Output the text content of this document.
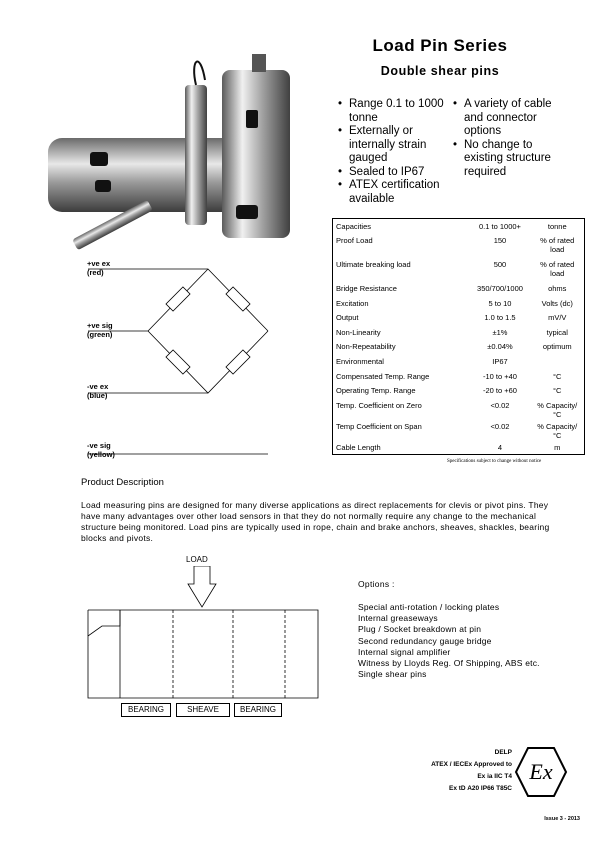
Load Pin Series
Double shear pins
• Range 0.1 to 1000 tonne
• Externally or internally strain gauged
• Sealed to IP67
• ATEX certification available
• A variety of cable and connector options
• No change to existing structure required
Capacities	0.1 to 1000+	tonne
Proof Load	150	% of rated load
Ultimate breaking load	500	% of rated load
Bridge Resistance	350/700/1000	ohms
Excitation	5 to 10	Volts (dc)
Output	1.0 to 1.5	mV/V
Non-Linearity	±1%	typical
Non-Repeatability	±0.04%	optimum
Environmental	IP67	
Compensated Temp. Range	-10 to +40	°C
Operating Temp. Range	-20 to +60	°C
Temp. Coefficient on Zero	<0.02	% Capacity/°C
Temp Coefficient on Span	<0.02	% Capacity/°C
Cable Length	4	m
Specifications subject to change without notice
+ve ex
(red)
+ve sig
(green)
-ve ex
(blue)
-ve sig
(yellow)
Product Description
Load measuring pins are designed for many diverse applications as direct replacements for clevis or pivot pins. They have many advantages over other load sensors in that they do not normally require any change to the mechanical structure being monitored. Load pins are typically used in rope, chain and brake anchors, sheaves, shackles, bearing blocks and pivots.
LOAD
BEARING	SHEAVE	BEARING
Options :
Special anti-rotation / locking plates
Internal greaseways
Plug / Socket breakdown at pin
Second redundancy gauge bridge
Internal signal amplifier
Witness by Lloyds Reg. Of Shipping, ABS etc.
Single shear pins
DELP
ATEX / IECEx Approved to
Ex ia IIC T4
Ex tD A20 IP66 T85C
Ex
Issue 3 - 2013
